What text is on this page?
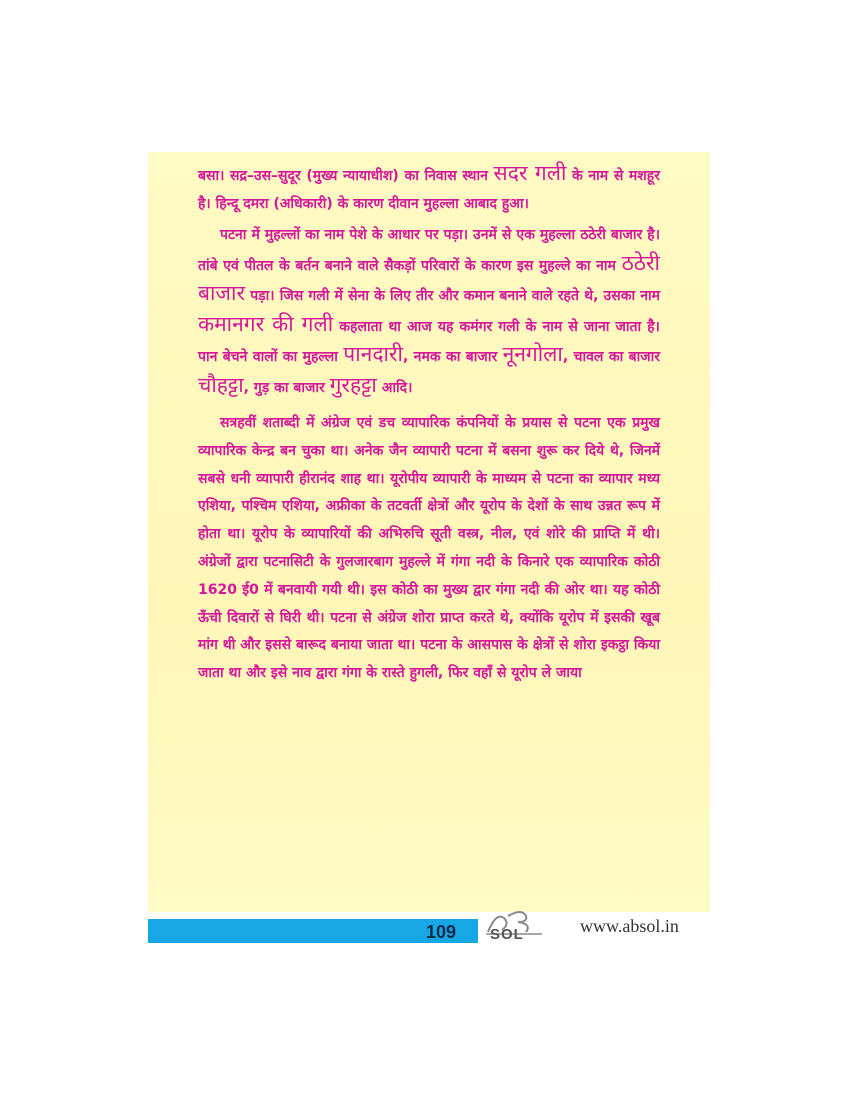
बसा। सद्र–उस–सुदूर (मुख्य न्यायाधीश) का निवास स्थान सदर गली के नाम से मशहूर है। हिन्दू दमरा (अधिकारी) के कारण दीवान मुहल्ला आबाद हुआ।

पटना में मुहल्लों का नाम पेशे के आधार पर पड़ा। उनमें से एक मुहल्ला ठठेरी बाजार है। तांबे एवं पीतल के बर्तन बनाने वाले सैकड़ों परिवारों के कारण इस मुहल्ले का नाम ठठेरी बाजार पड़ा। जिस गली में सेना के लिए तीर और कमान बनाने वाले रहते थे, उसका नाम कमानगर की गली कहलाता था आज यह कमंगर गली के नाम से जाना जाता है। पान बेचने वालों का मुहल्ला पानदारी, नमक का बाजार नूनगोला, चावल का बाजार चौहट्टा, गुड़ का बाजार गुरहट्टा आदि।

सत्रहवीं शताब्दी में अंग्रेज एवं डच व्यापारिक कंपनियों के प्रयास से पटना एक प्रमुख व्यापारिक केन्द्र बन चुका था। अनेक जैन व्यापारी पटना में बसना शुरू कर दिये थे, जिनमें सबसे धनी व्यापारी हीरानंद शाह था। यूरोपीय व्यापारी के माध्यम से पटना का व्यापार मध्य एशिया, पश्चिम एशिया, अफ्रीका के तटवर्ती क्षेत्रों और यूरोप के देशों के साथ उन्नत रूप में होता था। यूरोप के व्यापारियों की अभिरुचि सूती वस्त्र, नील, एवं शोरे की प्राप्ति में थी। अंग्रेजों द्वारा पटनासिटी के गुलजारबाग मुहल्ले में गंगा नदी के किनारे एक व्यापारिक कोठी 1620 ई0 में बनवायी गयी थी। इस कोठी का मुख्य द्वार गंगा नदी की ओर था। यह कोठी ऊँची दिवारों से घिरी थी। पटना से अंग्रेज शोरा प्राप्त करते थे, क्योंकि यूरोप में इसकी खूब मांग थी और इससे बारूद बनाया जाता था। पटना के आसपास के क्षेत्रों से शोरा इकट्ठा किया जाता था और इसे नाव द्वारा गंगा के रास्ते हुगली, फिर वहाँ से यूरोप ले जाया

109	SOL	www.absol.in
